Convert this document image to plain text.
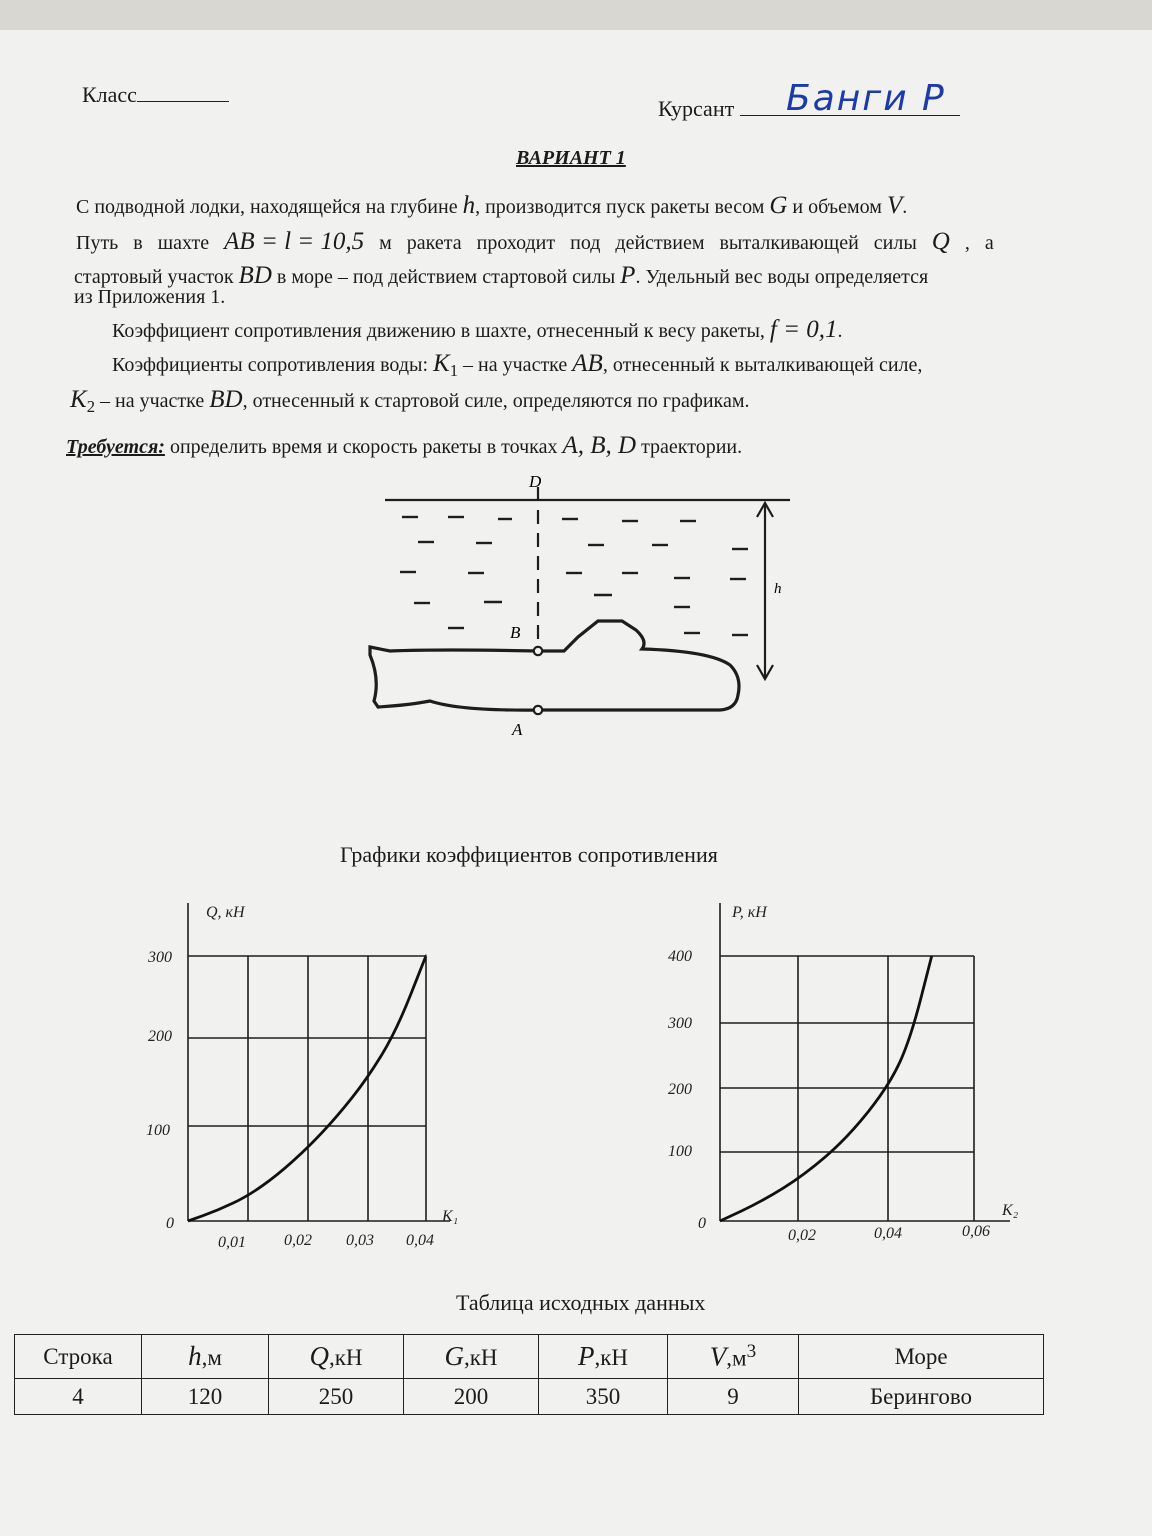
Класс
Курсант	Банги Р
ВАРИАНТ 1
С подводной лодки, находящейся на глубине h, производится пуск ракеты весом G и объемом V.
Путь в шахте AB = l = 10,5 м ракета проходит под действием выталкивающей силы Q , а
стартовый участок BD в море – под действием стартовой силы P. Удельный вес воды определяется
из Приложения 1.
Коэффициент сопротивления движению в шахте, отнесенный к весу ракеты, f = 0,1.
Коэффициенты сопротивления воды: $K_1$ – на участке AB, отнесенный к выталкивающей силе,
$K_2$ – на участке BD, отнесенный к стартовой силе, определяются по графикам.
Требуется: определить время и скорость ракеты в точках A, B, D траектории.
D
B
A
h
Графики коэффициентов сопротивления
Q, кН
K₁
300
200
100
0
0,01 0,02 0,03 0,04
P, кН
K₂
400
300
200
100
0
0,02	0,04	0,06
Таблица исходных данных
Строка	h,м	Q,кН	G,кН	P,кН	$V,м^3$	Море
4	120	250	200	350	9	Берингово
